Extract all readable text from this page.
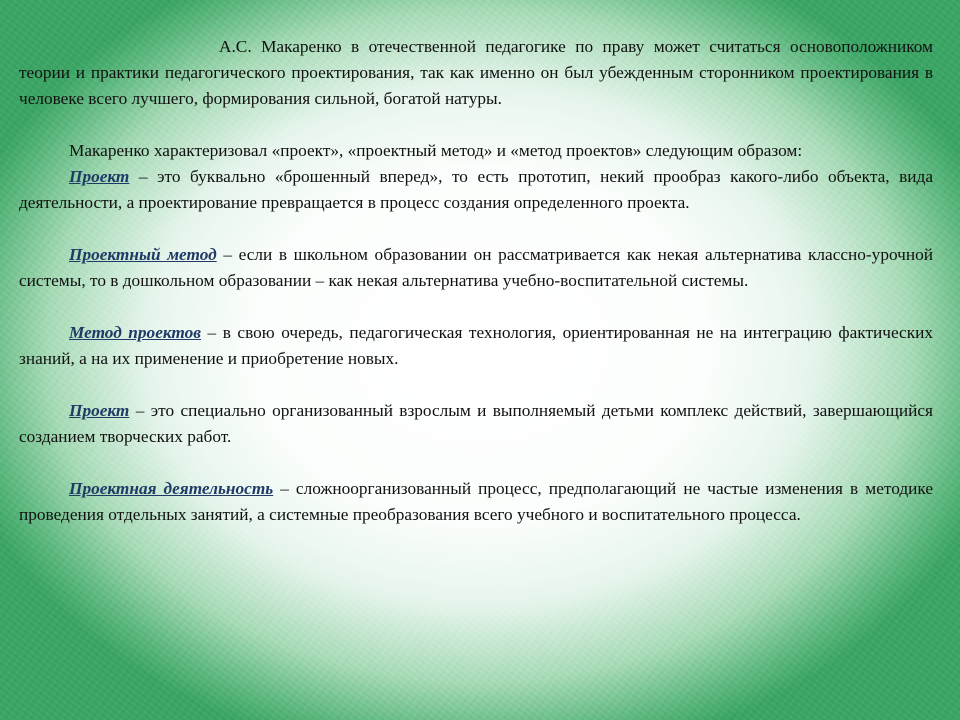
А.С. Макаренко в отечественной педагогике по праву может считаться основоположником теории и практики педагогического проектирования, так как именно он был убежденным сторонником проектирования в человеке всего лучшего, формирования сильной, богатой натуры.

Макаренко характеризовал «проект», «проектный метод» и «метод проектов» следующим образом:

Проект – это буквально «брошенный вперед», то есть прототип, некий прообраз какого-либо объекта, вида деятельности, а проектирование превращается в процесс создания определенного проекта.

Проектный метод – если в школьном образовании он рассматривается как некая альтернатива классно-урочной системы, то в дошкольном образовании – как некая альтернатива учебно-воспитательной системы.

Метод проектов – в свою очередь, педагогическая технология, ориентированная не на интеграцию фактических знаний, а на их применение и приобретение новых.

Проект – это специально организованный взрослым и выполняемый детьми комплекс действий, завершающийся созданием творческих работ.

Проектная деятельность – сложноорганизованный процесс, предполагающий не частые изменения в методике проведения отдельных занятий, а системные преобразования всего учебного и воспитательного процесса.
